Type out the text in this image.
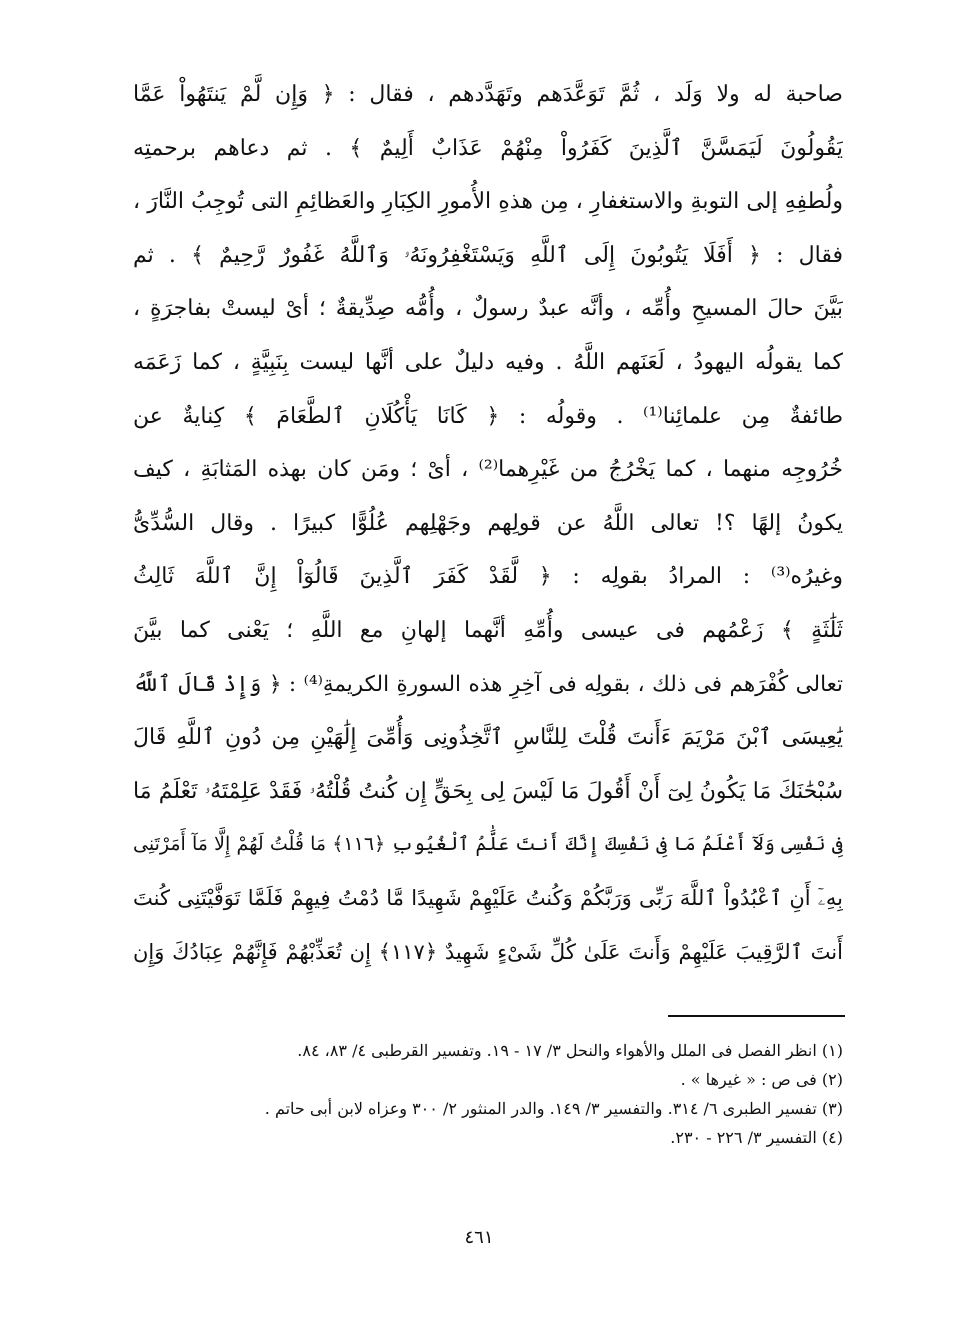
صاحبة له ولا وَلَد ، ثُمَّ تَوَعَّدَهم وتَهَدَّدهم ، فقال : ﴿ وَإِن لَّمْ يَنتَهُواْ عَمَّا
يَقُولُونَ لَيَمَسَّنَّ ٱلَّذِينَ كَفَرُواْ مِنْهُمْ عَذَابٌ أَلِيمٌ ﴾ . ثم دعاهم برحمتِه
ولُطفِهِ إلى التوبةِ والاستغفارِ ، مِن هذهِ الأُمورِ الكِبَارِ والعَظائِمِ التى تُوجِبُ النَّارَ ،
فقال : ﴿ أَفَلَا يَتُوبُونَ إِلَى ٱللَّهِ وَيَسْتَغْفِرُونَهُۥ وَٱللَّهُ غَفُورٌ رَّحِيمٌ ﴾ . ثم
بَيَّنَ حالَ المسيحِ وأُمِّه ، وأنَّه عبدٌ رسولٌ ، وأُمُّه صِدِّيقةٌ ؛ أىْ ليستْ بفاجرَةٍ ،
كما يقولُه اليهودُ ، لَعَنَهم اللَّهُ . وفيه دليلٌ على أنَّها ليست بِنَبِيَّةٍ ، كما زَعَمَه
طائفةٌ مِن علمائِنا⁽¹⁾ . وقولُه : ﴿ كَانَا يَأْكُلَانِ ٱلطَّعَامَ ﴾ كِنايةٌ عن
خُرُوجِه منهما ، كما يَخْرُجُ من غَيْرِهما⁽²⁾ ، أىْ ؛ ومَن كان بهذه المَثابَةِ ، كيف
يكونُ إلهًا ؟! تعالى اللَّهُ عن قولِهم وجَهْلِهم عُلُوًّا كبيرًا . وقال السُّدِّىُّ
وغيرُه⁽³⁾ : المرادُ بقولِه : ﴿ لَّقَدْ كَفَرَ ٱلَّذِينَ قَالُوٓاْ إِنَّ ٱللَّهَ ثَالِثُ
ثَلَٰثَةٍ ﴾ زَعْمُهم فى عيسى وأُمِّهِ أنَّهما إلهانِ مع اللَّهِ ؛ يَعْنى كما بيَّنَ
تعالى كُفْرَهم فى ذلك ، بقولِه فى آخِرِ هذه السورةِ الكريمةِ⁽⁴⁾ : ﴿ وَإِذْ قَالَ ٱللَّهُ
يَٰعِيسَى ٱبْنَ مَرْيَمَ ءَأَنتَ قُلْتَ لِلنَّاسِ ٱتَّخِذُونِى وَأُمِّىَ إِلَٰهَيْنِ مِن دُونِ ٱللَّهِ قَالَ
سُبْحَٰنَكَ مَا يَكُونُ لِىٓ أَنْ أَقُولَ مَا لَيْسَ لِى بِحَقٍّ إِن كُنتُ قُلْتُهُۥ فَقَدْ عَلِمْتَهُۥ تَعْلَمُ مَا
فِى نَفْسِى وَلَآ أَعْلَمُ مَا فِى نَفْسِكَ إِنَّكَ أَنتَ عَلَّٰمُ ٱلْغُيُوبِ ﴿١١٦﴾ مَا قُلْتُ لَهُمْ إِلَّا مَآ أَمَرْتَنِى
بِهِۦٓ أَنِ ٱعْبُدُواْ ٱللَّهَ رَبِّى وَرَبَّكُمْ وَكُنتُ عَلَيْهِمْ شَهِيدًا مَّا دُمْتُ فِيهِمْ فَلَمَّا تَوَفَّيْتَنِى كُنتَ
أَنتَ ٱلرَّقِيبَ عَلَيْهِمْ وَأَنتَ عَلَىٰ كُلِّ شَىْءٍ شَهِيدٌ ﴿١١٧﴾ إِن تُعَذِّبْهُمْ فَإِنَّهُمْ عِبَادُكَ وَإِن
(١) انظر الفصل فى الملل والأهواء والنحل ٣/ ١٧ - ١٩. وتفسير القرطبى ٤/ ٨٣، ٨٤.
(٢) فى ص : « غيرها » .
(٣) تفسير الطبرى ٦/ ٣١٤. والتفسير ٣/ ١٤٩. والدر المنثور ٢/ ٣٠٠ وعزاه لابن أبى حاتم .
(٤) التفسير ٣/ ٢٢٦ - ٢٣٠.
٤٦١
